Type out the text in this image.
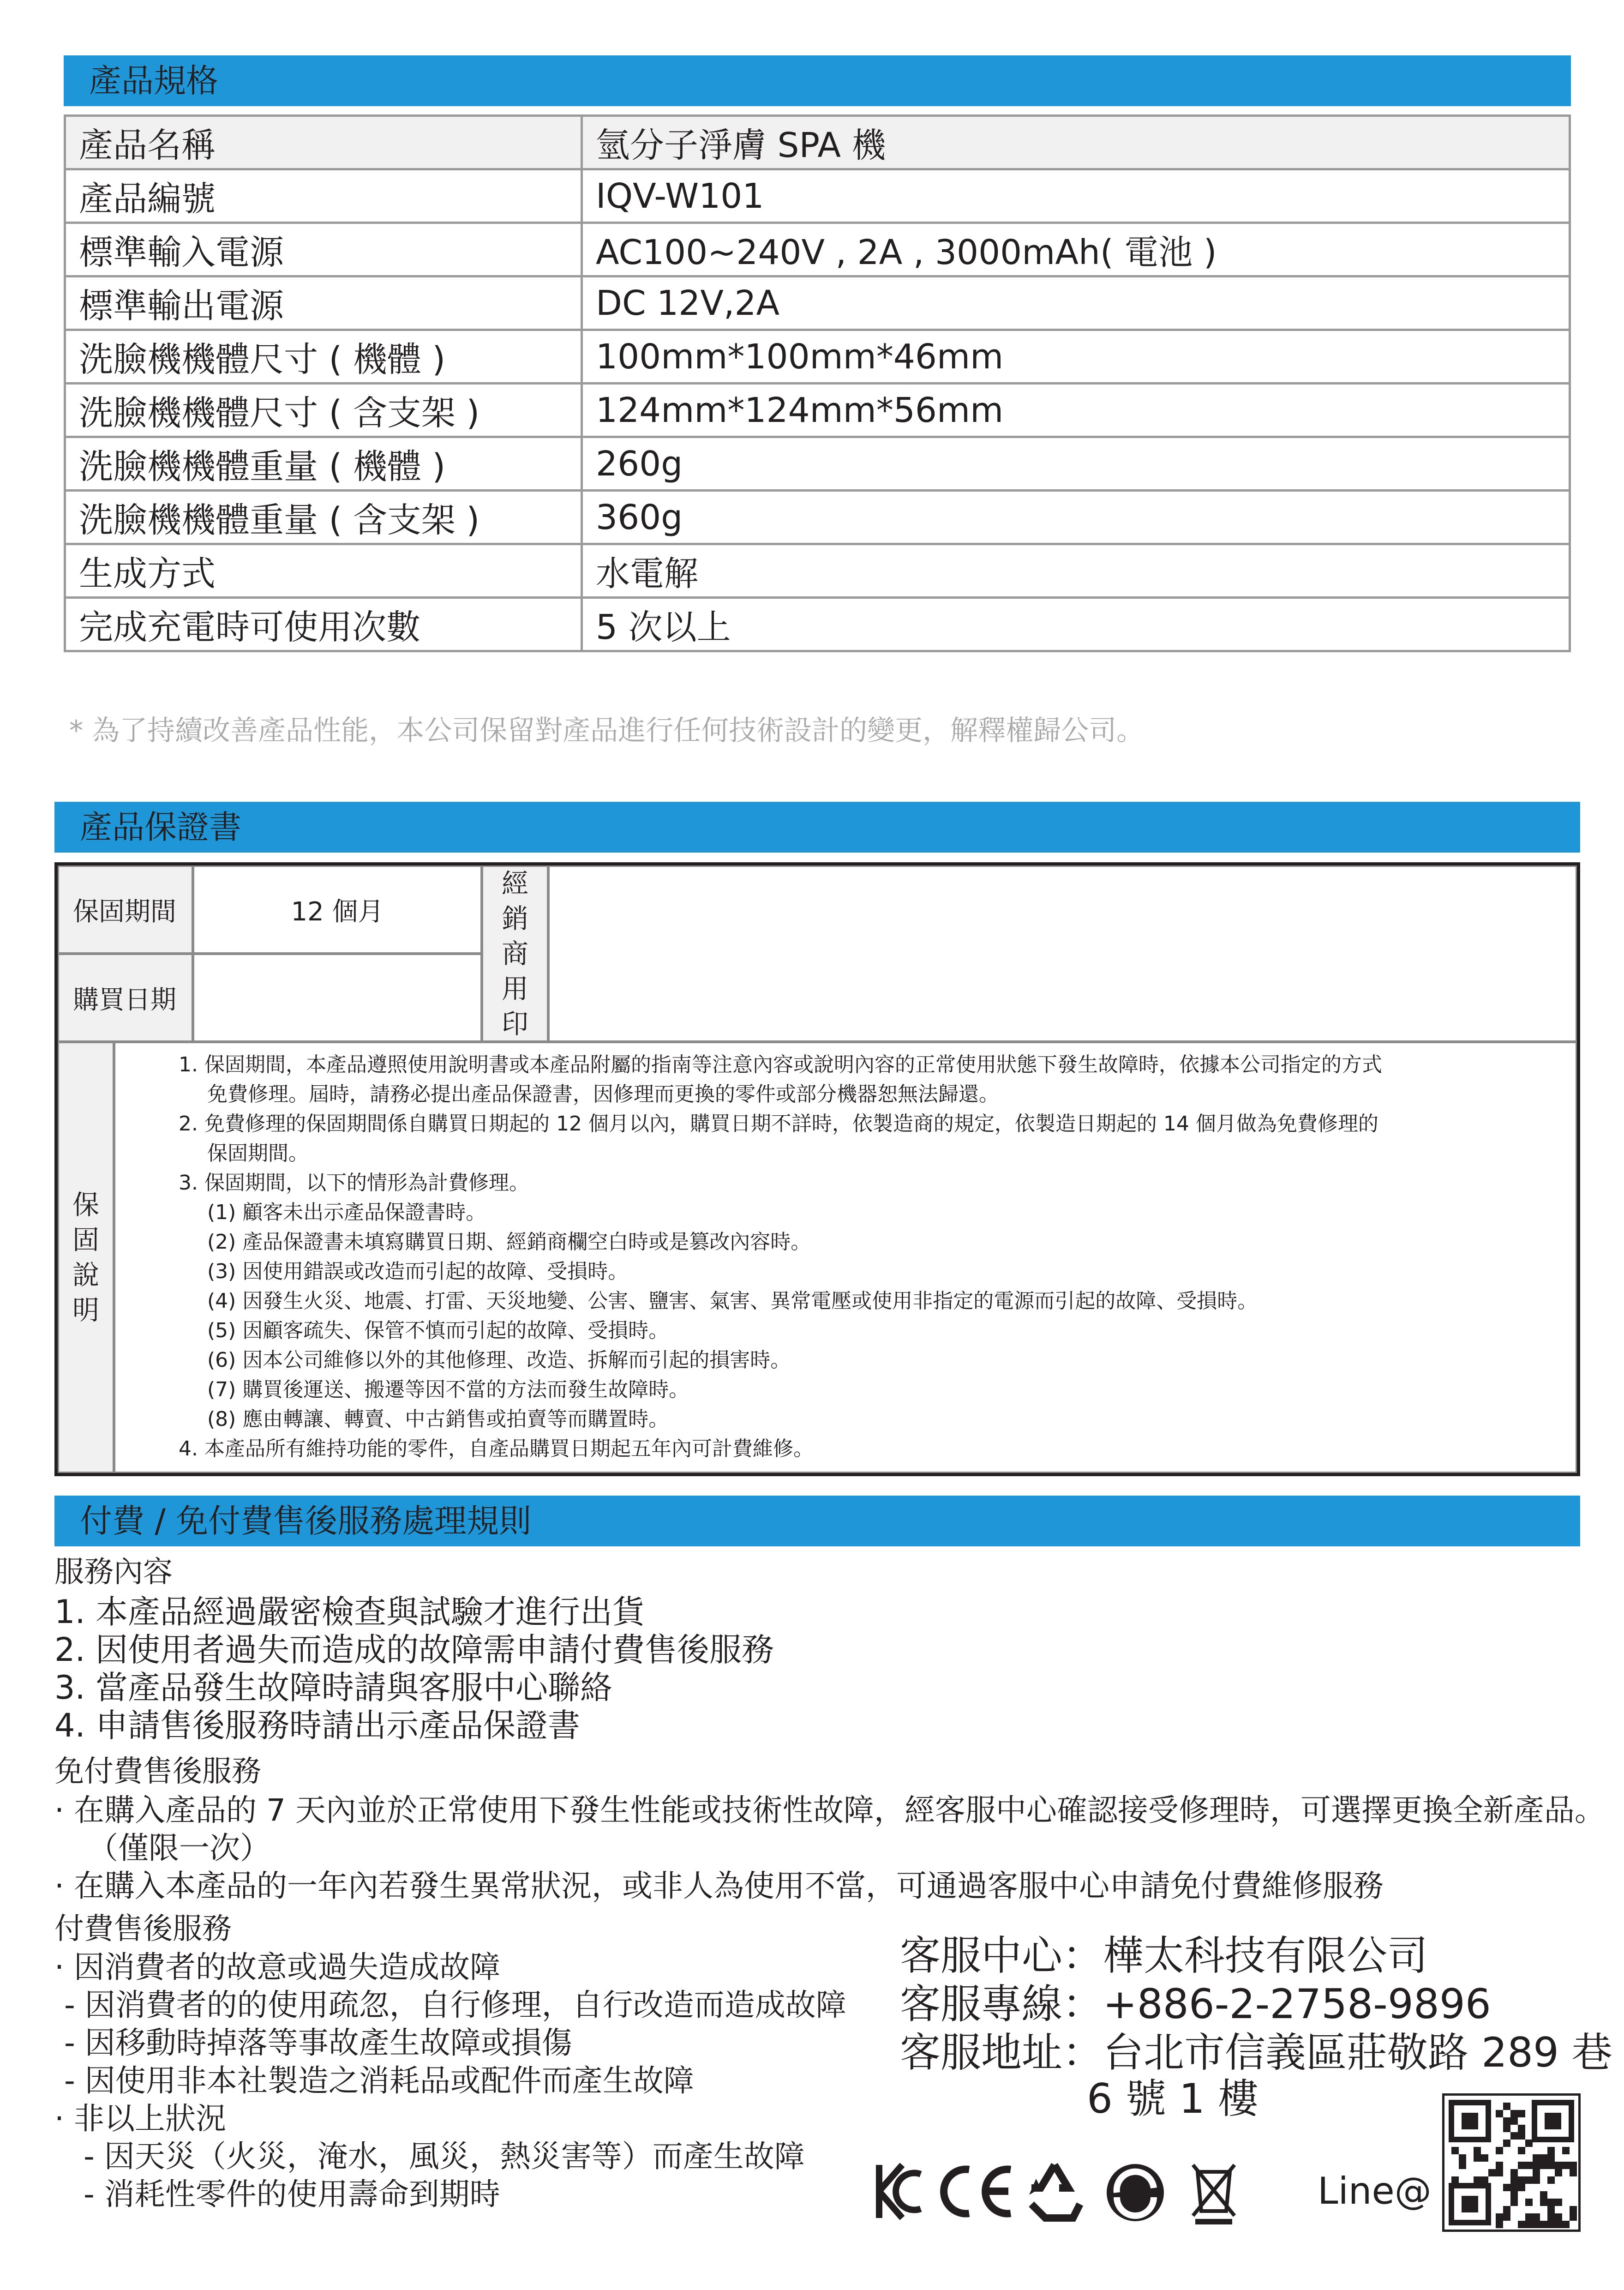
產品規格
產品名稱	氫分子淨膚 SPA 機
產品編號	IQV-W101
標準輸入電源	AC100~240V , 2A , 3000mAh( 電池 )
標準輸出電源	DC 12V,2A
洗臉機機體尺寸 ( 機體 )	100mm*100mm*46mm
洗臉機機體尺寸 ( 含支架 )	124mm*124mm*56mm
洗臉機機體重量 ( 機體 )	260g
洗臉機機體重量 ( 含支架 )	360g
生成方式	水電解
完成充電時可使用次數	5 次以上
* 為了持續改善產品性能，本公司保留對產品進行任何技術設計的變更，解釋權歸公司。
產品保證書
保固期間	12 個月
購買日期
經
銷
商
用
印
保
固
說
明
1. 保固期間，本產品遵照使用說明書或本產品附屬的指南等注意內容或說明內容的正常使用狀態下發生故障時，依據本公司指定的方式
免費修理。屆時，請務必提出產品保證書，因修理而更換的零件或部分機器恕無法歸還。
2. 免費修理的保固期間係自購買日期起的 12 個月以內，購買日期不詳時，依製造商的規定，依製造日期起的 14 個月做為免費修理的
保固期間。
3. 保固期間，以下的情形為計費修理。
(1) 顧客未出示產品保證書時。
(2) 產品保證書未填寫購買日期、經銷商欄空白時或是篡改內容時。
(3) 因使用錯誤或改造而引起的故障、受損時。
(4) 因發生火災、地震、打雷、天災地變、公害、鹽害、氣害、異常電壓或使用非指定的電源而引起的故障、受損時。
(5) 因顧客疏失、保管不慎而引起的故障、受損時。
(6) 因本公司維修以外的其他修理、改造、拆解而引起的損害時。
(7) 購買後運送、搬遷等因不當的方法而發生故障時。
(8) 應由轉讓、轉賣、中古銷售或拍賣等而購置時。
4. 本產品所有維持功能的零件，自產品購買日期起五年內可計費維修。
付費 / 免付費售後服務處理規則
服務內容
1. 本產品經過嚴密檢查與試驗才進行出貨
2. 因使用者過失而造成的故障需申請付費售後服務
3. 當產品發生故障時請與客服中心聯絡
4. 申請售後服務時請出示產品保證書
免付費售後服務
· 在購入產品的 7 天內並於正常使用下發生性能或技術性故障，經客服中心確認接受修理時，可選擇更換全新產品。
（僅限一次）
· 在購入本產品的一年內若發生異常狀況，或非人為使用不當，可通過客服中心申請免付費維修服務
付費售後服務
· 因消費者的故意或過失造成故障
- 因消費者的的使用疏忽，自行修理，自行改造而造成故障
- 因移動時掉落等事故產生故障或損傷
- 因使用非本社製造之消耗品或配件而產生故障
· 非以上狀況
- 因天災（火災，淹水，風災，熱災害等）而產生故障
- 消耗性零件的使用壽命到期時
客服中心：樺太科技有限公司
客服專線：+886-2-2758-9896
客服地址：台北市信義區莊敬路 289 巷
6 號 1 樓
Line@
